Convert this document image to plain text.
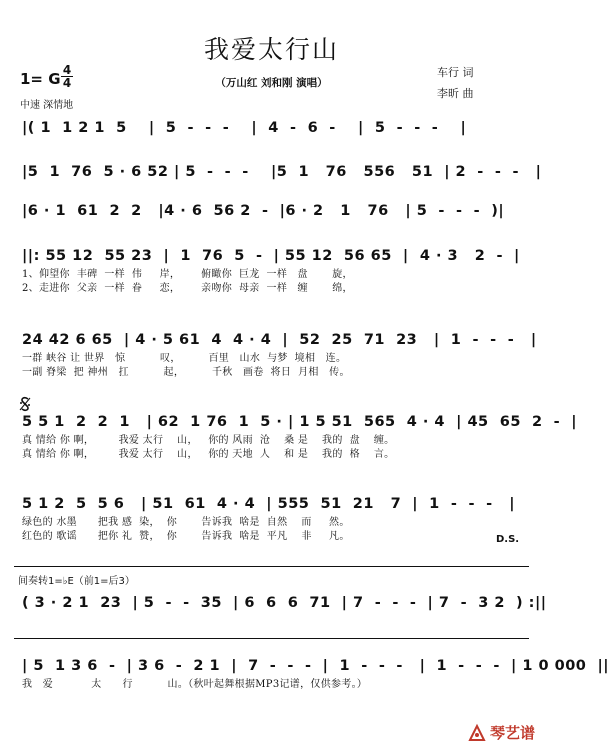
我爱太行山
（万山红 刘和刚 演唱）
车行 词
李昕 曲
1= G 4
4
中速 深情地
|( 1  1 2 1  5    |  5  -  -  -    |  4  -  6  -    |  5  -  -  -    |
|5  1  76  5 · 6 52 | 5  -  -  -    |5  1   76   556   51  | 2  -  -  -   |
|6 · 1  61  2  2   |4 · 6  56 2  -  |6 · 2   1   76   | 5  -  -  -  )|
||: 55 12  55 23  |  1  76  5  -  | 55 12  56 65  |  4 · 3   2  -  |
1、仰望你  丰碑  一样  伟     岸，      俯瞰你  巨龙  一样   盘       旋，
2、走进你  父亲  一样  眷     恋，      亲吻你  母亲  一样   缠       绵，
24 42 6 65  | 4 · 5 61  4  4 · 4  |  52  25  71  23   |  1  -  -  -   |
一群 峡谷 让 世界   惊          叹，        百里   山水  与梦  境相   连。
一副 脊梁  把 神州   扛          起，        千秋   画卷  将日  月相   传。
5 5 1  2  2  1   | 62  1 76  1  5 · | 1 5 51  565  4 · 4  | 45  65  2  -  |
真 情给 你 啊，       我爱 太行    山，   你的 风雨  沧    桑 是    我的  盘    缠。
真 情给 你 啊，       我爱 太行    山，   你的 天地  人    和 是    我的  格    言。
5 1 2  5  5 6   | 51  61  4 · 4  | 555  51  21   7  |  1  -  -  -   |
绿色的 水墨      把我 感  染，  你       告诉我  啥是  自然    而     然。
红色的 歌谣      把你 礼  赞，  你       告诉我  啥是  平凡    非     凡。	D.S.
间奏转1=♭E（前1=后3）
( 3 · 2 1  23  | 5  -  -  35  | 6  6  6  71  | 7  -  -  -  | 7  -  3 2  ) :||
| 5  1 3 6  -  | 3 6  -  2 1  |  7  -  -  -  |  1  -  -  -   |  1  -  -  -  | 1 0 000  ||
我   爱           太      行          山。（秋叶起舞根据MP3记谱，仅供参考。）
琴艺谱
